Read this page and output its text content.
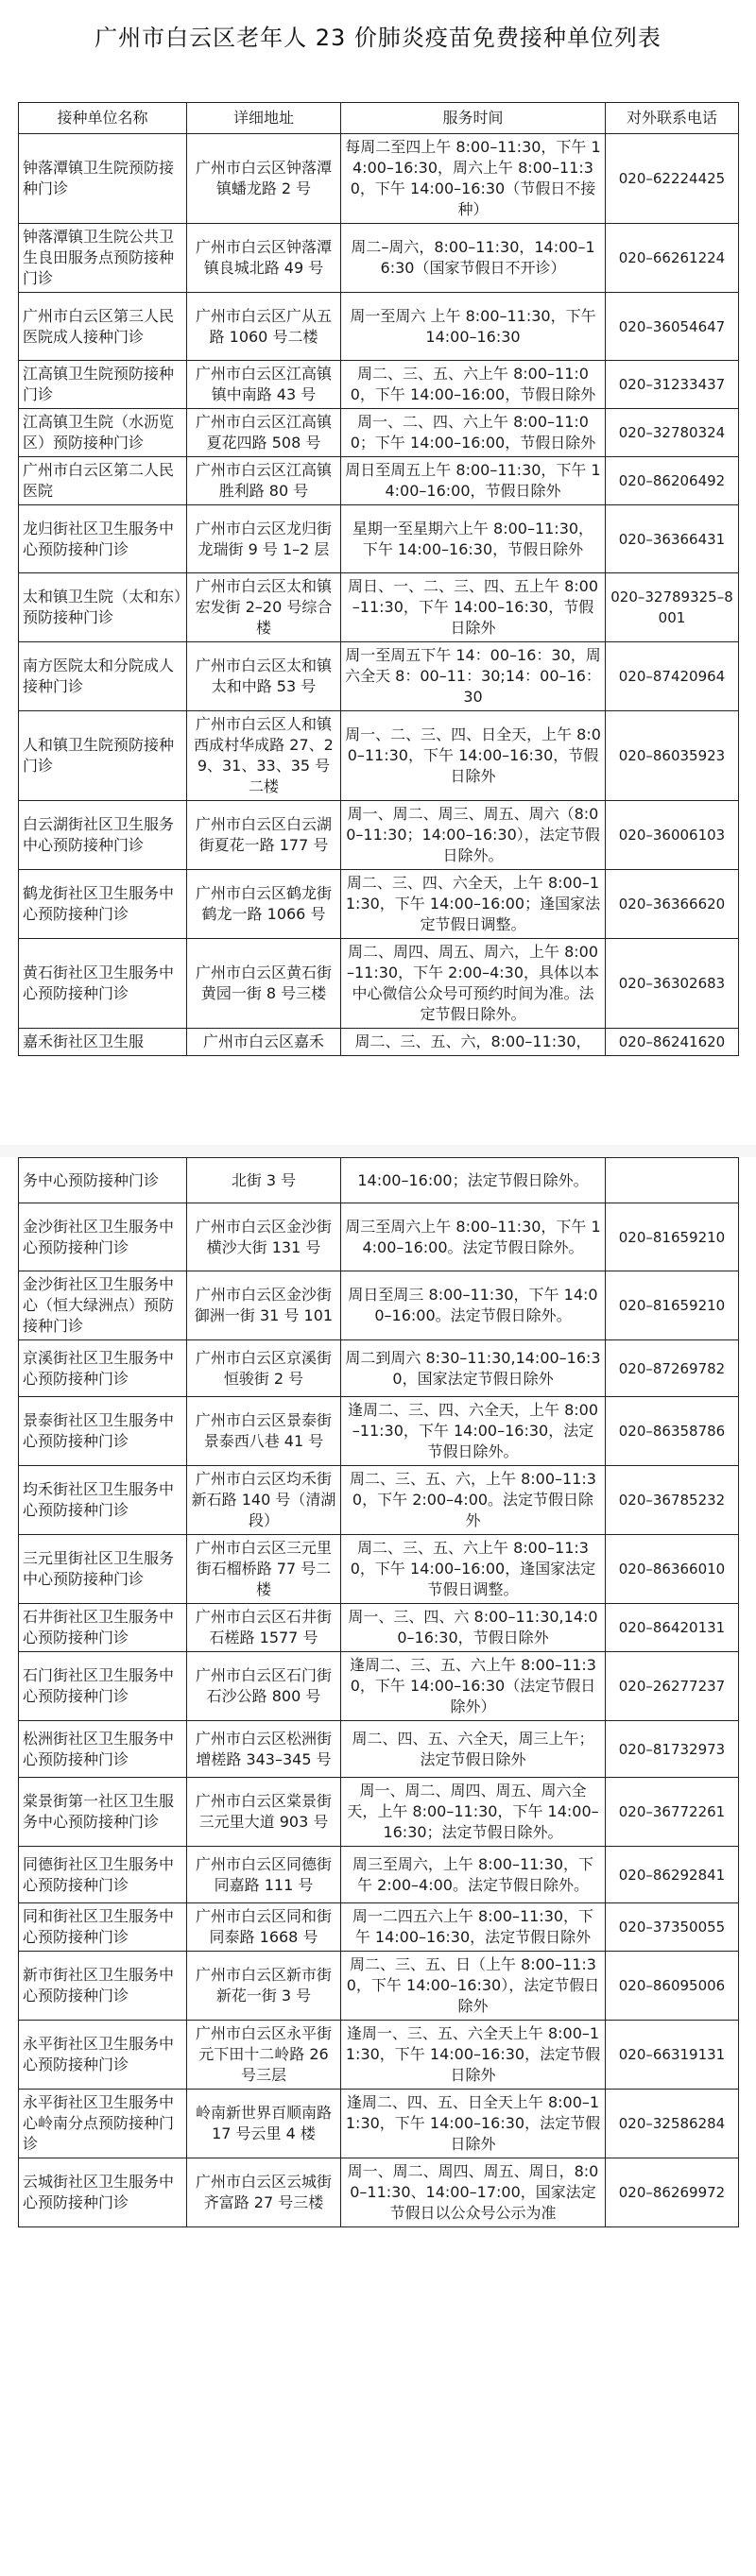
广州市白云区老年人 23 价肺炎疫苗免费接种单位列表
接种单位名称	详细地址	服务时间	对外联系电话
钟落潭镇卫生院预防接种门诊	广州市白云区钟落潭镇蟠龙路 2 号	每周二至四上午 8:00–11:30，下午 14:00–16:30，周六上午 8:00–11:30，下午 14:00–16:30（节假日不接种）	020–62224425
钟落潭镇卫生院公共卫生良田服务点预防接种门诊	广州市白云区钟落潭镇良城北路 49 号	周二–周六，8:00–11:30，14:00–16:30（国家节假日不开诊）	020–66261224
广州市白云区第三人民医院成人接种门诊	广州市白云区广从五路 1060 号二楼	周一至周六 上午 8:00–11:30，下午 14:00–16:30	020–36054647
江高镇卫生院预防接种门诊	广州市白云区江高镇镇中南路 43 号	周二、三、五、六上午 8:00–11:00，下午 14:00–16:00，节假日除外	020–31233437
江高镇卫生院（水沥览区）预防接种门诊	广州市白云区江高镇夏花四路 508 号	周一、二、四、六上午 8:00–11:00；下午 14:00–16:00，节假日除外	020–32780324
广州市白云区第二人民医院	广州市白云区江高镇胜利路 80 号	周日至周五上午 8:00–11:30，下午 14:00–16:00，节假日除外	020–86206492
龙归街社区卫生服务中心预防接种门诊	广州市白云区龙归街龙瑞街 9 号 1–2 层	星期一至星期六上午 8:00–11:30，下午 14:00–16:30，节假日除外	020–36366431
太和镇卫生院（太和东）预防接种门诊	广州市白云区太和镇宏发街 2–20 号综合楼	周日、一、二、三、四、五上午 8:00–11:30，下午 14:00–16:30，节假日除外	020–32789325–8001
南方医院太和分院成人接种门诊	广州市白云区太和镇太和中路 53 号	周一至周五下午 14：00–16：30，周六全天 8：00–11：30;14：00–16：30	020–87420964
人和镇卫生院预防接种门诊	广州市白云区人和镇西成村华成路 27、29、31、33、35 号二楼	周一、二、三、四、日全天，上午 8:00–11:30，下午 14:00–16:30，节假日除外	020–86035923
白云湖街社区卫生服务中心预防接种门诊	广州市白云区白云湖街夏花一路 177 号	周一、周二、周三、周五、周六（8:00–11:30；14:00–16:30），法定节假日除外。	020–36006103
鹤龙街社区卫生服务中心预防接种门诊	广州市白云区鹤龙街鹤龙一路 1066 号	周二、三、四、六全天，上午 8:00–11:30，下午 14:00–16:00；逢国家法定节假日调整。	020–36366620
黄石街社区卫生服务中心预防接种门诊	广州市白云区黄石街黄园一街 8 号三楼	周二、周四、周五、周六，上午 8:00–11:30，下午 2:00–4:30，具体以本中心微信公众号可预约时间为准。法定节假日除外。	020–36302683
嘉禾街社区卫生服	广州市白云区嘉禾	周二、三、五、六，8:00–11:30，	020–86241620
务中心预防接种门诊	北街 3 号	14:00–16:00；法定节假日除外。	
金沙街社区卫生服务中心预防接种门诊	广州市白云区金沙街横沙大街 131 号	周三至周六上午 8:00–11:30，下午 14:00–16:00。法定节假日除外。	020–81659210
金沙街社区卫生服务中心（恒大绿洲点）预防接种门诊	广州市白云区金沙街御洲一街 31 号 101	周日至周三 8:00–11:30，下午 14:00–16:00。法定节假日除外。	020–81659210
京溪街社区卫生服务中心预防接种门诊	广州市白云区京溪街恒骏街 2 号	周二到周六 8:30–11:30,14:00–16:30，国家法定节假日除外	020–87269782
景泰街社区卫生服务中心预防接种门诊	广州市白云区景泰街景泰西八巷 41 号	逢周二、三、四、六全天，上午 8:00–11:30，下午 14:00–16:30，法定节假日除外。	020–86358786
均禾街社区卫生服务中心预防接种门诊	广州市白云区均禾街新石路 140 号（清湖段）	周二、三、五、六，上午 8:00–11:30，下午 2:00–4:00。法定节假日除外	020–36785232
三元里街社区卫生服务中心预防接种门诊	广州市白云区三元里街石榴桥路 77 号二楼	周二、三、五、六上午 8:00–11:30，下午 14:00–16:00，逢国家法定节假日调整。	020–86366010
石井街社区卫生服务中心预防接种门诊	广州市白云区石井街石槎路 1577 号	周一、三、四、六 8:00–11:30,14:00–16:30，节假日除外	020–86420131
石门街社区卫生服务中心预防接种门诊	广州市白云区石门街石沙公路 800 号	逢周二、三、五、六上午 8:00–11:30，下午 14:00–16:30（法定节假日除外）	020–26277237
松洲街社区卫生服务中心预防接种门诊	广州市白云区松洲街增槎路 343–345 号	周二、四、五、六全天，周三上午；法定节假日除外	020–81732973
棠景街第一社区卫生服务中心预防接种门诊	广州市白云区棠景街三元里大道 903 号	周一、周二、周四、周五、周六全天，上午 8:00–11:30，下午 14:00–16:30；法定节假日除外。	020–36772261
同德街社区卫生服务中心预防接种门诊	广州市白云区同德街同嘉路 111 号	周三至周六，上午 8:00–11:30，下午 2:00–4:00。法定节假日除外。	020–86292841
同和街社区卫生服务中心预防接种门诊	广州市白云区同和街同泰路 1668 号	周一二四五六上午 8:00–11:30，下午 14:00–16:30，法定节假日除外	020–37350055
新市街社区卫生服务中心预防接种门诊	广州市白云区新市街新花一街 3 号	周二、三、五、日（上午 8:00–11:30，下午 14:00–16:30），法定节假日除外	020–86095006
永平街社区卫生服务中心预防接种门诊	广州市白云区永平街元下田十二岭路 26 号三层	逢周一、三、五、六全天上午 8:00–11:30，下午 14:00–16:30，法定节假日除外	020–66319131
永平街社区卫生服务中心岭南分点预防接种门诊	岭南新世界百顺南路 17 号云里 4 楼	逢周二、四、五、日全天上午 8:00–11:30，下午 14:00–16:30，法定节假日除外	020–32586284
云城街社区卫生服务中心预防接种门诊	广州市白云区云城街齐富路 27 号三楼	周一、周二、周四、周五、周日，8:00–11:30、14:00–17:00，国家法定节假日以公众号公示为准	020–86269972
